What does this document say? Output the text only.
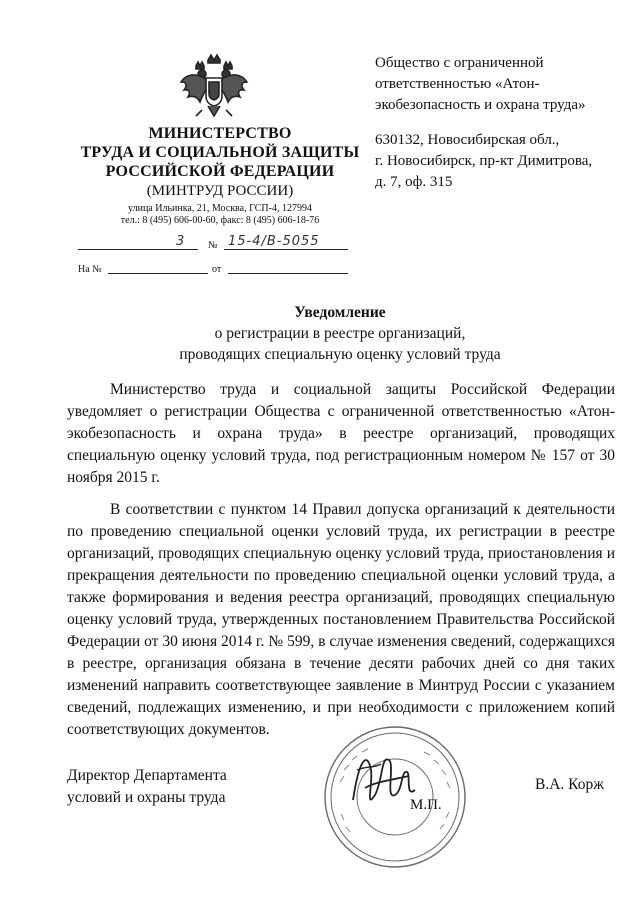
МИНИСТЕРСТВО
ТРУДА И СОЦИАЛЬНОЙ ЗАЩИТЫ
РОССИЙСКОЙ ФЕДЕРАЦИИ
(МИНТРУД РОССИИ)
улица Ильинка, 21, Москва, ГСП-4, 127994
тел.: 8 (495) 606-00-60, факс: 8 (495) 606-18-76
3 № 15-4/В-5055
На №	от
Общество с ограниченной
ответственностью «Атон-
экобезопасность и охрана труда»
630132, Новосибирская обл.,
г. Новосибирск, пр-кт Димитрова,
д. 7, оф. 315
Уведомление
о регистрации в реестре организаций,
проводящих специальную оценку условий труда

Министерство труда и социальной защиты Российской Федерации уведомляет о регистрации Общества с ограниченной ответственностью «Атон-экобезопасность и охрана труда» в реестре организаций, проводящих специальную оценку условий труда, под регистрационным номером № 157 от 30 ноября 2015 г.

В соответствии с пунктом 14 Правил допуска организаций к деятельности по проведению специальной оценки условий труда, их регистрации в реестре организаций, проводящих специальную оценку условий труда, приостановления и прекращения деятельности по проведению специальной оценки условий труда, а также формирования и ведения реестра организаций, проводящих специальную оценку условий труда, утвержденных постановлением Правительства Российской Федерации от 30 июня 2014 г. № 599, в случае изменения сведений, содержащихся в реестре, организация обязана в течение десяти рабочих дней со дня таких изменений направить соответствующее заявление в Минтруд России с указанием сведений, подлежащих изменению, и при необходимости с приложением копий соответствующих документов.

Директор Департамента
условий и охраны труда	М.П.
В.А. Корж
